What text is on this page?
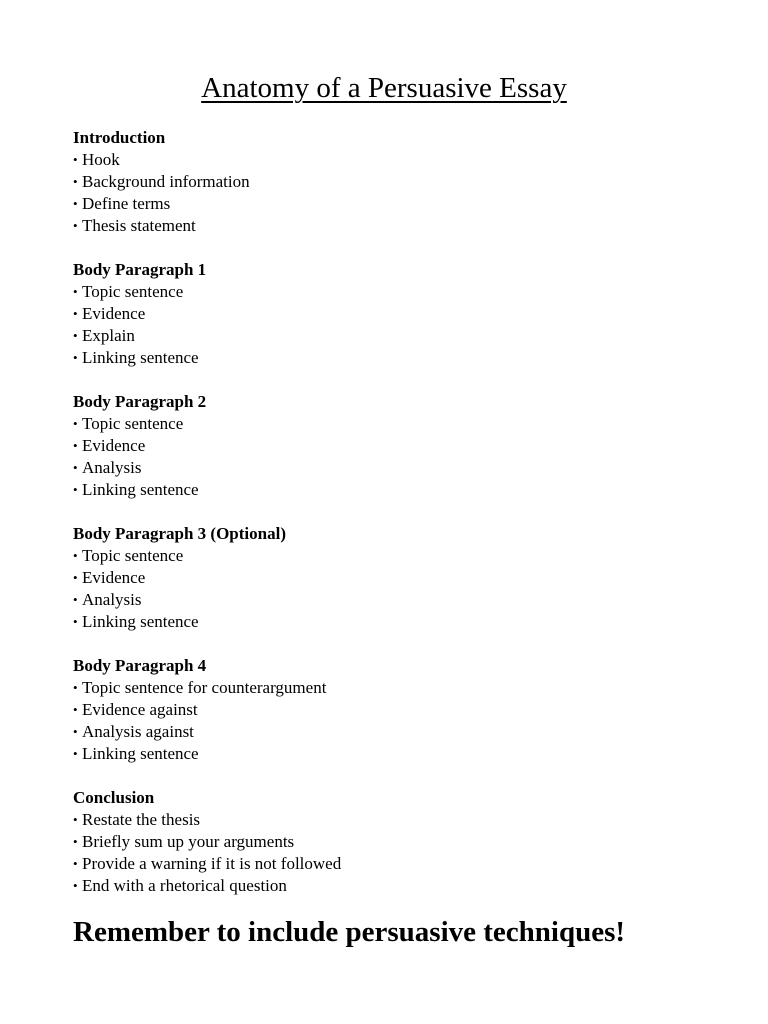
Anatomy of a Persuasive Essay

Introduction

• Hook
• Background information
• Define terms
• Thesis statement

Body Paragraph 1

• Topic sentence
• Evidence
• Explain
• Linking sentence

Body Paragraph 2

• Topic sentence
• Evidence
• Analysis
• Linking sentence

Body Paragraph 3 (Optional)

• Topic sentence
• Evidence
• Analysis
• Linking sentence

Body Paragraph 4

• Topic sentence for counterargument
• Evidence against
• Analysis against
• Linking sentence

Conclusion

• Restate the thesis
• Briefly sum up your arguments
• Provide a warning if it is not followed
• End with a rhetorical question

Remember to include persuasive techniques!
